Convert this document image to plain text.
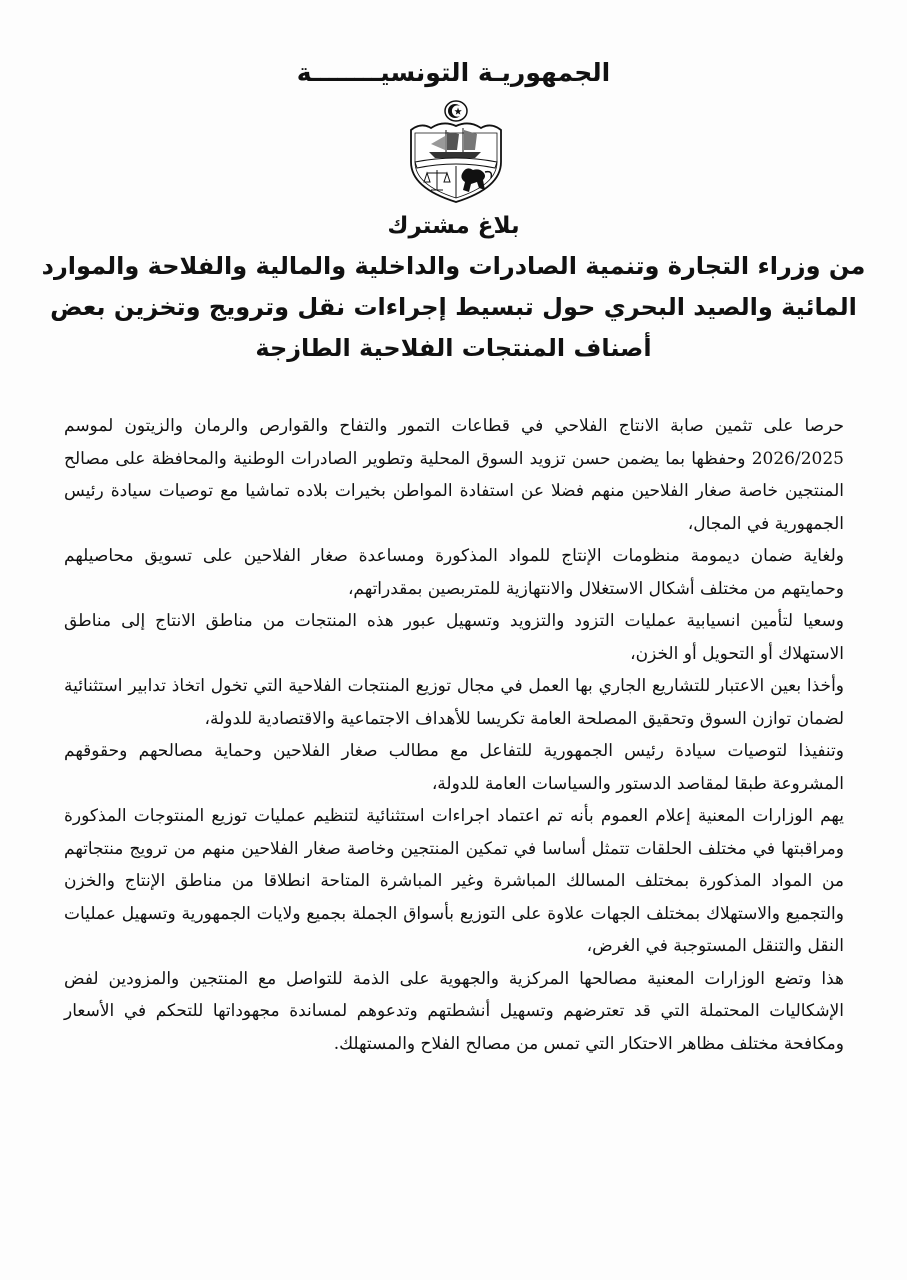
الجمهوريـة التونسيــــــــة
بلاغ مشترك
من وزراء التجارة وتنمية الصادرات والداخلية والمالية والفلاحة والموارد المائية والصيد البحري حول تبسيط إجراءات نقل وترويج وتخزين بعض أصناف المنتجات الفلاحية الطازجة

حرصا على تثمين صابة الانتاج الفلاحي في قطاعات التمور والتفاح والقوارص والرمان والزيتون لموسم 2026/2025 وحفظها بما يضمن حسن تزويد السوق المحلية وتطوير الصادرات الوطنية والمحافظة على مصالح المنتجين خاصة صغار الفلاحين منهم فضلا عن استفادة المواطن بخيرات بلاده تماشيا مع توصيات سيادة رئيس الجمهورية في المجال،

ولغاية ضمان ديمومة منظومات الإنتاج للمواد المذكورة ومساعدة صغار الفلاحين على تسويق محاصيلهم وحمايتهم من مختلف أشكال الاستغلال والانتهازية للمتربصين بمقدراتهم،

وسعيا لتأمين انسيابية عمليات التزود والتزويد وتسهيل عبور هذه المنتجات من مناطق الانتاج إلى مناطق الاستهلاك أو التحويل أو الخزن،

وأخذا بعين الاعتبار للتشاريع الجاري بها العمل في مجال توزيع المنتجات الفلاحية التي تخول اتخاذ تدابير استثنائية لضمان توازن السوق وتحقيق المصلحة العامة تكريسا للأهداف الاجتماعية والاقتصادية للدولة،

وتنفيذا لتوصيات سيادة رئيس الجمهورية للتفاعل مع مطالب صغار الفلاحين وحماية مصالحهم وحقوقهم المشروعة طبقا لمقاصد الدستور والسياسات العامة للدولة،

يهم الوزارات المعنية إعلام العموم بأنه تم اعتماد اجراءات استثنائية لتنظيم عمليات توزيع المنتوجات المذكورة ومراقبتها في مختلف الحلقات تتمثل أساسا في تمكين المنتجين وخاصة صغار الفلاحين منهم من ترويج منتجاتهم من المواد المذكورة بمختلف المسالك المباشرة وغير المباشرة المتاحة انطلاقا من مناطق الإنتاج والخزن والتجميع والاستهلاك بمختلف الجهات علاوة على التوزيع بأسواق الجملة بجميع ولايات الجمهورية وتسهيل عمليات النقل والتنقل المستوجبة في الغرض،

هذا وتضع الوزارات المعنية مصالحها المركزية والجهوية على الذمة للتواصل مع المنتجين والمزودين لفض الإشكاليات المحتملة التي قد تعترضهم وتسهيل أنشطتهم وتدعوهم لمساندة مجهوداتها للتحكم في الأسعار ومكافحة مختلف مظاهر الاحتكار التي تمس من مصالح الفلاح والمستهلك.
